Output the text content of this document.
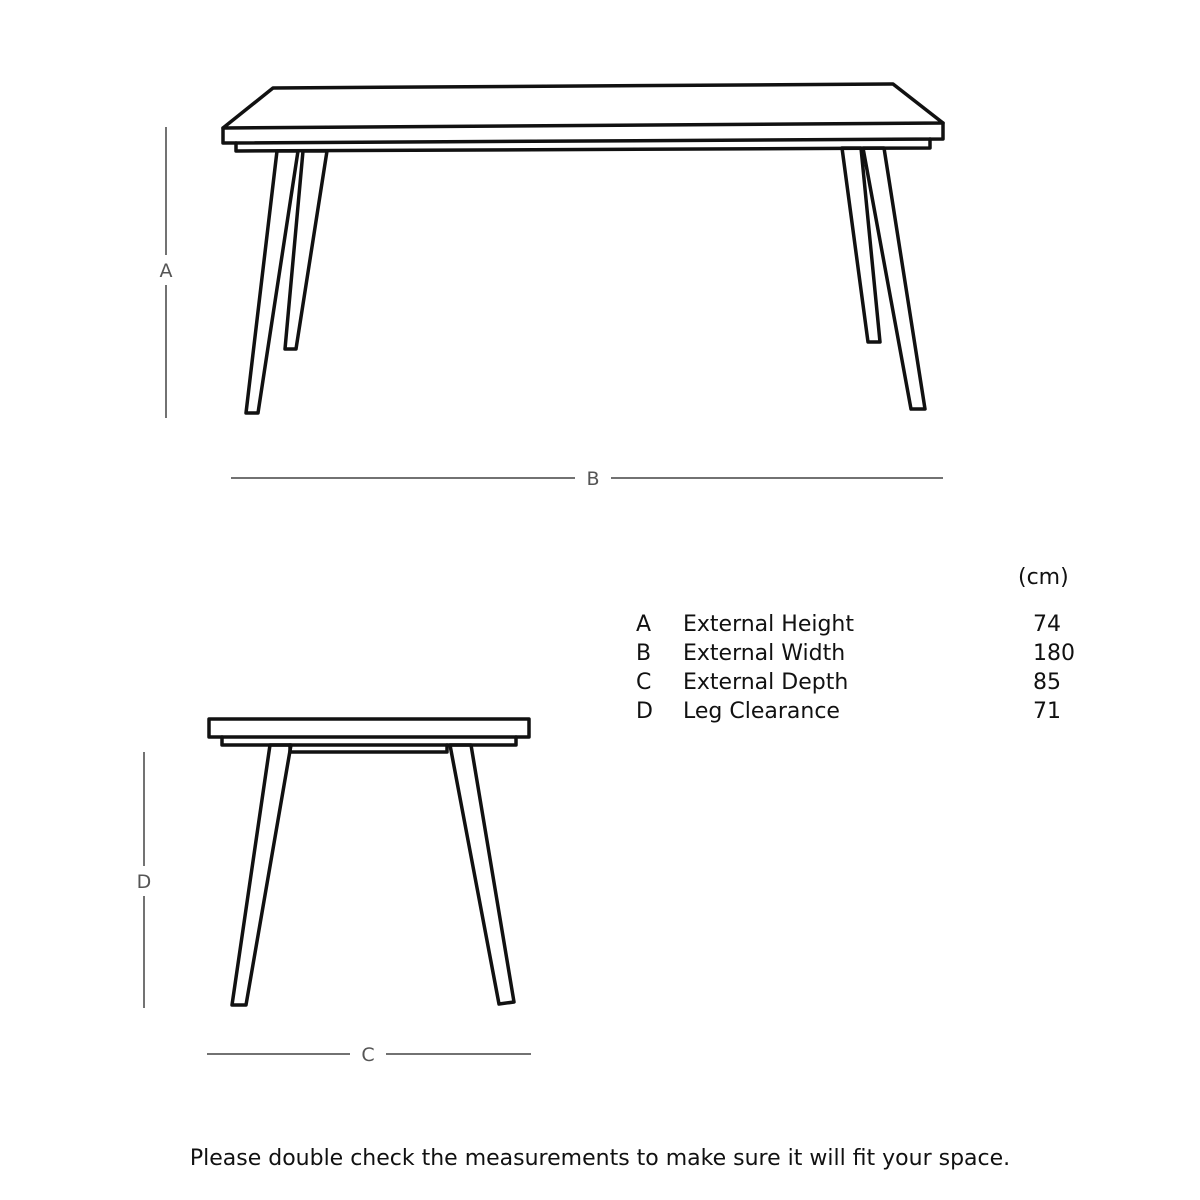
A
B
D
C
(cm)
A External Height	74
B External Width	180
C External Depth	85
D Leg Clearance	71
Please double check the measurements to make sure it will fit your space.
